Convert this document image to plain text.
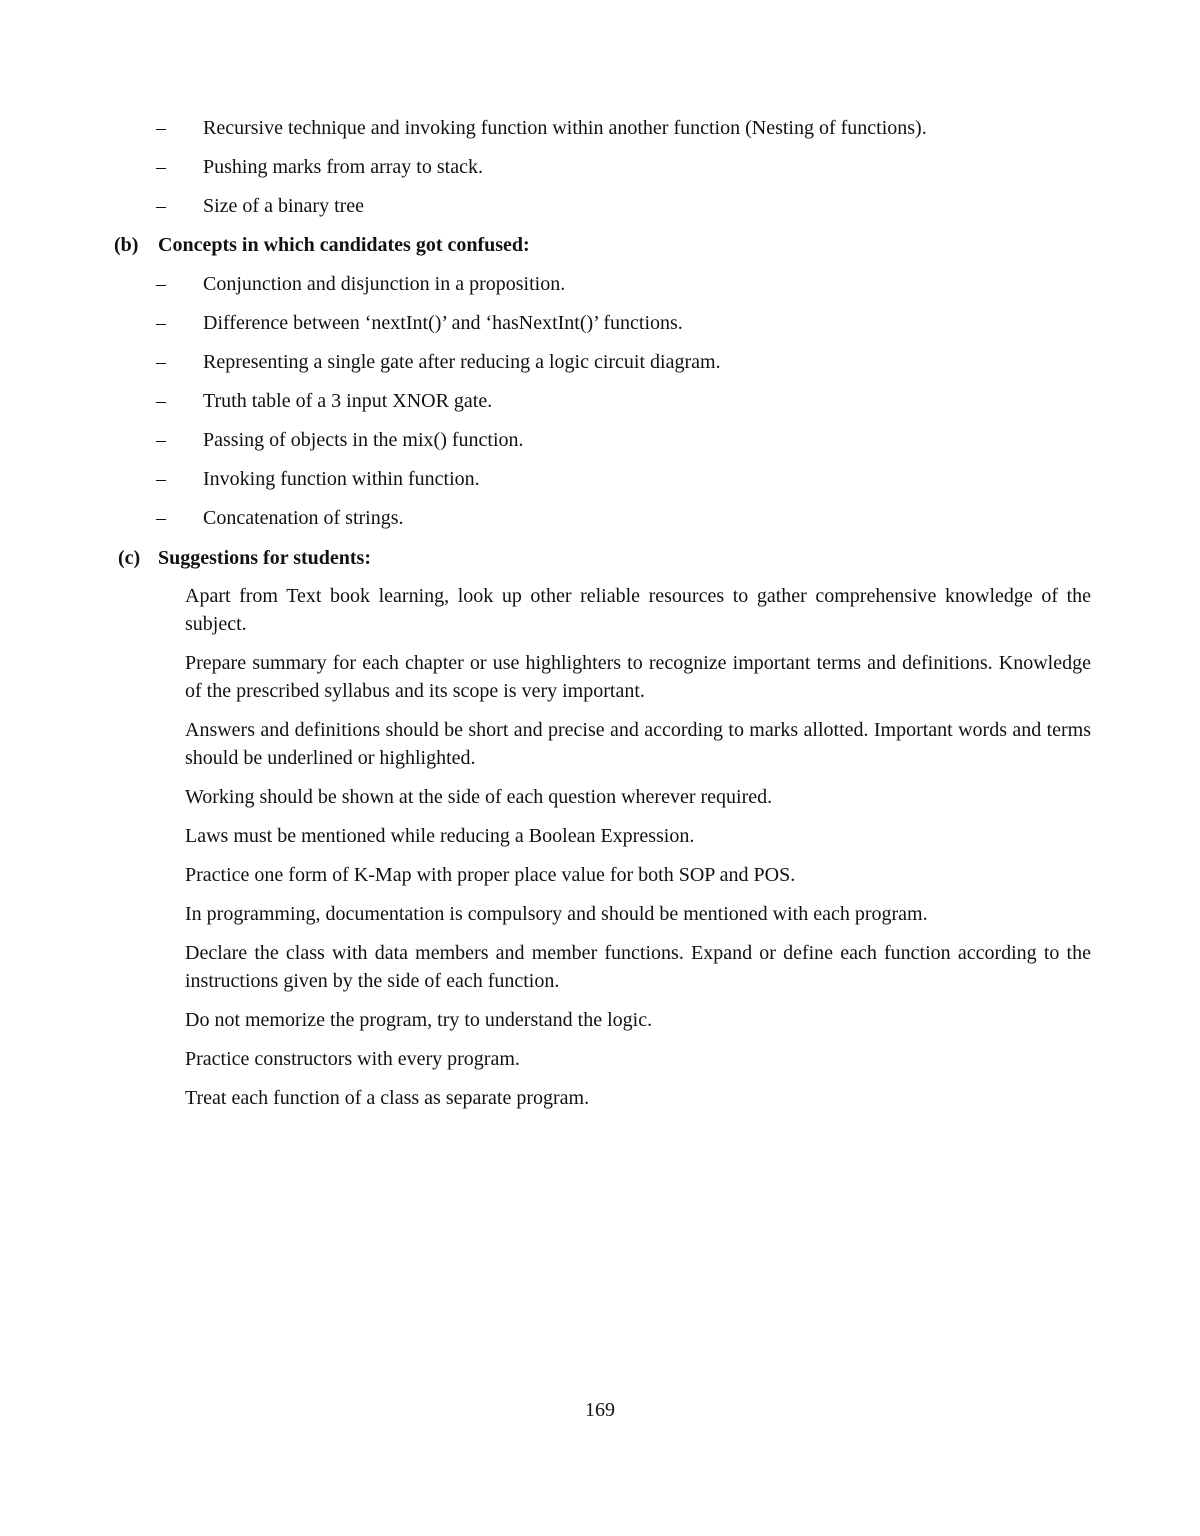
– Recursive technique and invoking function within another function (Nesting of functions).
– Pushing marks from array to stack.
– Size of a binary tree
(b) Concepts in which candidates got confused:
– Conjunction and disjunction in a proposition.
– Difference between ‘nextInt()’ and ‘hasNextInt()’ functions.
– Representing a single gate after reducing a logic circuit diagram.
– Truth table of a 3 input XNOR gate.
– Passing of objects in the mix() function.
– Invoking function within function.
– Concatenation of strings.
(c) Suggestions for students:

Apart from Text book learning, look up other reliable resources to gather comprehensive knowledge of the subject.

Prepare summary for each chapter or use highlighters to recognize important terms and definitions. Knowledge of the prescribed syllabus and its scope is very important.

Answers and definitions should be short and precise and according to marks allotted. Important words and terms should be underlined or highlighted.

Working should be shown at the side of each question wherever required.

Laws must be mentioned while reducing a Boolean Expression.

Practice one form of K-Map with proper place value for both SOP and POS.

In programming, documentation is compulsory and should be mentioned with each program.

Declare the class with data members and member functions. Expand or define each function according to the instructions given by the side of each function.

Do not memorize the program, try to understand the logic.

Practice constructors with every program.

Treat each function of a class as separate program.

169
